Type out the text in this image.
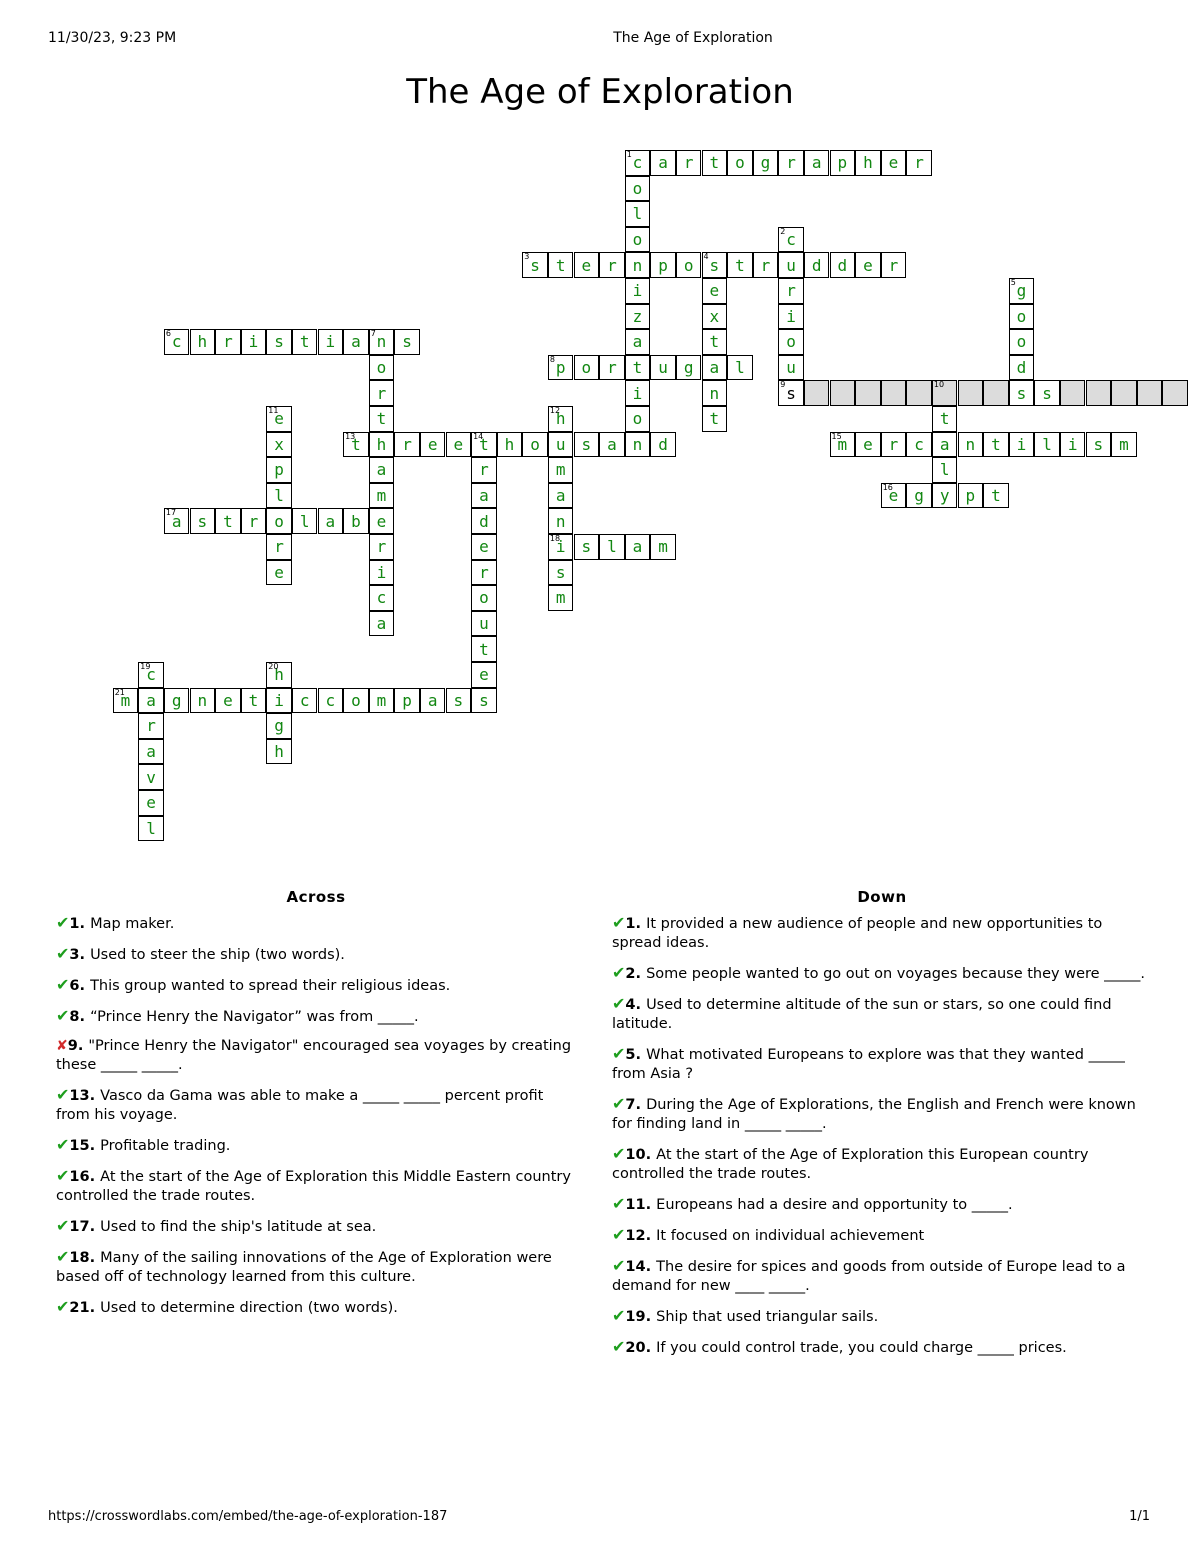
11/30/23, 9:23 PM	The Age of Exploration
The Age of Exploration
c
1 a r t o g r a p h e r
s
3 t e r n p o s
4 t r u d d e r
c
6 h r i s t i a n
7 s
p
8 o r t u g a l
s
9	10	s s
t
13 h r e e t
14 h o u s a n d	m
15 e r c a n t i l i s m
e
16 g y p t
a
17 s t r o l a b e
i
18 s l a m
m
21 a g n e t i c c o m p a s s
o
l
o
i
z
a
i
o
c
2
r
i
o
u
e
x
t
n
t
g
5
o
o
d
o
r
t
a
m
r
i
c
a
t
l
e
11
x
p
l
r
e
h
12
m
a
n
s
m
r
a
d
e
r
o
u
t
e
c
19
r
a
v
e
l
h
20
g
h
Across
✔1. Map maker.
✔3. Used to steer the ship (two words).
✔6. This group wanted to spread their religious ideas.
✔8. “Prince Henry the Navigator” was from _____.
✘9. "Prince Henry the Navigator" encouraged sea voyages by creating these _____ _____.
✔13. Vasco da Gama was able to make a _____ _____ percent profit from his voyage.
✔15. Profitable trading.
✔16. At the start of the Age of Exploration this Middle Eastern country controlled the trade routes.
✔17. Used to find the ship's latitude at sea.
✔18. Many of the sailing innovations of the Age of Exploration were based off of technology learned from this culture.
✔21. Used to determine direction (two words).
Down
✔1. It provided a new audience of people and new opportunities to spread ideas.
✔2. Some people wanted to go out on voyages because they were _____.
✔4. Used to determine altitude of the sun or stars, so one could find latitude.
✔5. What motivated Europeans to explore was that they wanted _____ from Asia ?
✔7. During the Age of Explorations, the English and French were known for finding land in _____ _____.
✔10. At the start of the Age of Exploration this European country controlled the trade routes.
✔11. Europeans had a desire and opportunity to _____.
✔12. It focused on individual achievement
✔14. The desire for spices and goods from outside of Europe lead to a demand for new ____ _____.
✔19. Ship that used triangular sails.
✔20. If you could control trade, you could charge _____ prices.
https://crosswordlabs.com/embed/the-age-of-exploration-187	1/1
